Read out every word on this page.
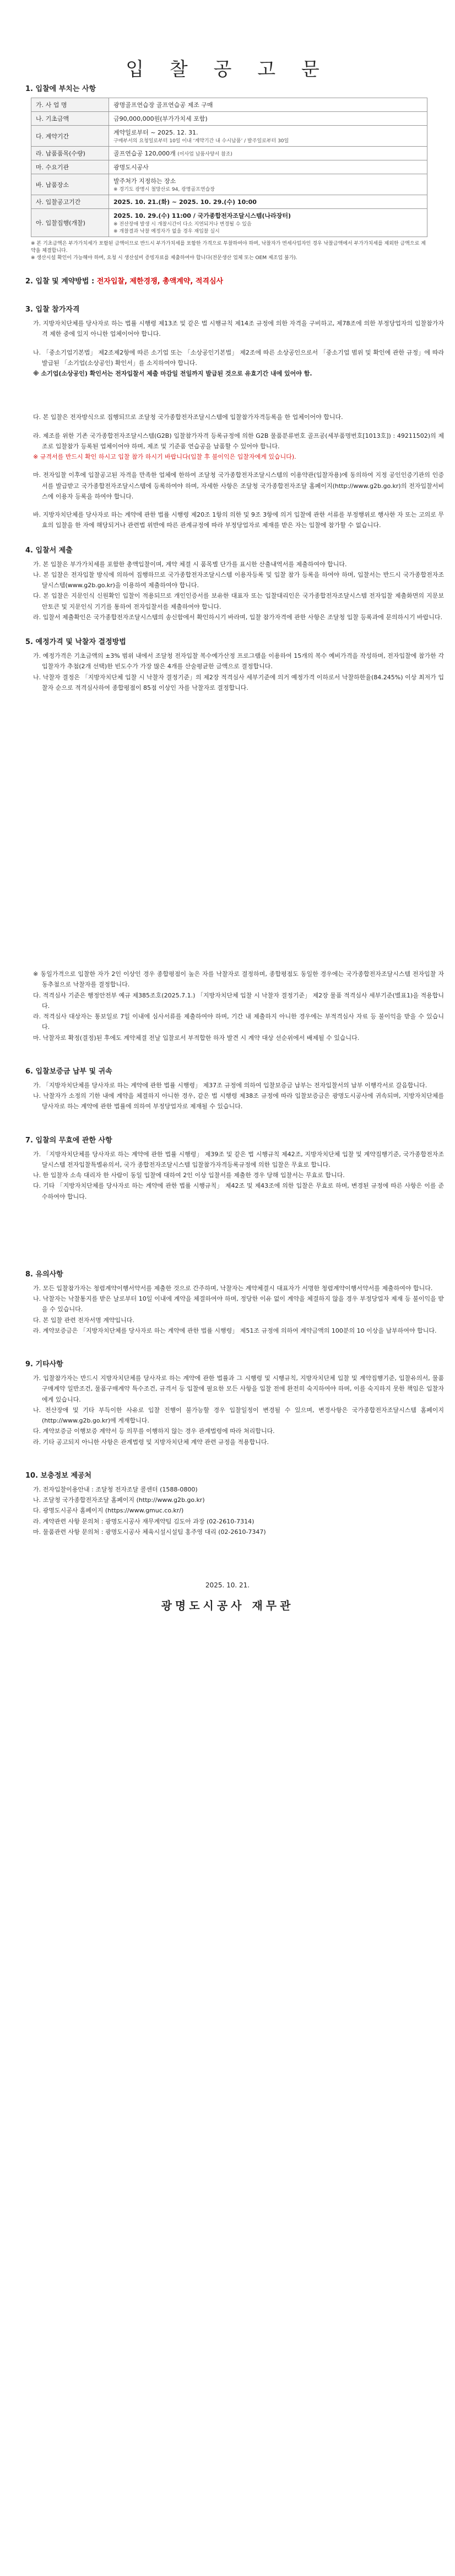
입 찰 공 고 문
1. 입찰에 부치는 사항
가. 사 업 명	광명골프연습장 골프연습공 제조 구매
나. 기초금액	금90,000,000원(부가가치세 포함)
다. 계약기간	계약일로부터 ~ 2025. 12. 31.
구매부서의 요청일로부터 10일 이내 ‘계약기간 내 수시납품’ / 발주일로부터 30일

라. 납품품목(수량)	골프연습공 120,000개 (이사업 납품사양서 참조)
마. 수요기관	광명도시공사
바. 납품장소	발주처가 지정하는 장소
※ 경기도 광명시 철망산로 94, 광명골프연습장

사. 입찰공고기간	2025. 10. 21.(화) ~ 2025. 10. 29.(수) 10:00
아. 입찰집행(개찰)	2025. 10. 29.(수) 11:00 / 국가종합전자조달시스템(나라장터)
※ 전산장애 발생 시 개찰시간이 다소 지연되거나 변경될 수 있음
※ 개찰결과 낙찰 예정자가 없을 경우 재입찰 실시
※ 본 기초금액은 부가가치세가 포함된 금액이므로 반드시 부가가치세를 포함한 가격으로 투찰하여야 하며, 낙찰자가 면세사업자인 경우 낙찰금액에서 부가가치세를 제외한 금액으로 계약을 체결합니다.
※ 생산시설 확인이 가능해야 하며, 요청 시 생산설비 증빙자료를 제출하여야 합니다(전문생산 업체 또는 OEM 제조업 불가).
2. 입찰 및 계약방법 : 전자입찰, 제한경쟁, 총액계약, 적격심사
3. 입찰 참가자격
가. 지방자치단체를 당사자로 하는 법률 시행령 제13조 및 같은 법 시행규칙 제14조 규정에 의한 자격을 구비하고, 제78조에 의한 부정당업자의 입찰참가자격 제한 중에 있지 아니한 업체이어야 합니다.
나. 「중소기업기본법」 제2조제2항에 따른 소기업 또는 「소상공인기본법」 제2조에 따른 소상공인으로서 「중소기업 범위 및 확인에 관한 규정」에 따라 발급된 「소기업(소상공인) 확인서」를 소지하여야 합니다.
※ 소기업(소상공인) 확인서는 전자입찰서 제출 마감일 전일까지 발급된 것으로 유효기간 내에 있어야 함.
다. 본 입찰은 전자방식으로 집행되므로 조달청 국가종합전자조달시스템에 입찰참가자격등록을 한 업체이어야 합니다.
라. 제조를 위한 기존 국가종합전자조달시스템(G2B) 입찰참가자격 등록규정에 의한 G2B 물품분류번호 골프공(세부품명번호[1013호]) : 49211502)의 제조로 입찰참가 등록된 업체이어야 하며, 제조 및 기준품 연습공을 납품할 수 있어야 합니다.
※ 규격서를 반드시 확인 하시고 입찰 참가 하시기 바랍니다(입찰 후 불이익은 입찰자에게 있습니다).
마. 전자입찰 이후에 입찰공고된 자격을 만족한 업체에 한하여 조달청 국가종합전자조달시스템의 이용약관(입찰자용)에 동의하여 지정 공인인증기관의 인증서를 발급받고 국가종합전자조달시스템에 등록하여야 하며, 자세한 사항은 조달청 국가종합전자조달 홈페이지(http://www.g2b.go.kr)의 전자입찰서비스에 이용자 등록을 하여야 합니다.
바. 지방자치단체를 당사자로 하는 계약에 관한 법률 시행령 제20조 1항의 의한 및 9조 3항에 의거 입찰에 관한 서류를 부정행위로 행사한 자 또는 고의로 무효의 입찰을 한 자에 해당되거나 관련법 위반에 따른 관계규정에 따라 부정당업자로 제재를 받은 자는 입찰에 참가할 수 없습니다.
4. 입찰서 제출
가. 본 입찰은 부가가치세를 포함한 총액입찰이며, 계약 체결 시 품목별 단가를 표시한 산출내역서를 제출하여야 합니다.
나. 본 입찰은 전자입찰 방식에 의하여 집행하므로 국가종합전자조달시스템 이용자등록 및 입찰 참가 등록을 하여야 하며, 입찰서는 반드시 국가종합전자조달시스템(www.g2b.go.kr)을 이용하여 제출하여야 합니다.
다. 본 입찰은 지문인식 신원확인 입찰이 적용되므로 개인인증서를 보유한 대표자 또는 입찰대리인은 국가종합전자조달시스템 전자입찰 제출화면의 지문보안토큰 및 지문인식 기기를 통하여 전자입찰서를 제출하여야 합니다.
라. 입찰서 제출확인은 국가종합전자조달시스템의 송신함에서 확인하시기 바라며, 입찰 참가자격에 관한 사항은 조달청 입찰 등록과에 문의하시기 바랍니다.
5. 예정가격 및 낙찰자 결정방법
가. 예정가격은 기초금액의 ±3% 범위 내에서 조달청 전자입찰 복수예가산정 프로그램을 이용하여 15개의 복수 예비가격을 작성하며, 전자입찰에 참가한 각 입찰자가 추첨(2개 선택)한 빈도수가 가장 많은 4개를 산술평균한 금액으로 결정합니다.
나. 낙찰자 결정은 「지방자치단체 입찰 시 낙찰자 결정기준」의 제2장 적격심사 세부기준에 의거 예정가격 이하로서 낙찰하한율(84.245%) 이상 최저가 입찰자 순으로 적격심사하여 종합평점이 85점 이상인 자를 낙찰자로 결정합니다.
※ 동일가격으로 입찰한 자가 2인 이상인 경우 종합평점이 높은 자를 낙찰자로 결정하며, 종합평점도 동일한 경우에는 국가종합전자조달시스템 전자입찰 자동추첨으로 낙찰자를 결정합니다.
다. 적격심사 기준은 행정안전부 예규 제385조호(2025.7.1.) 「지방자치단체 입찰 시 낙찰자 결정기준」 제2장 물품 적격심사 세부기준(별표1)을 적용합니다.
라. 적격심사 대상자는 통보일로 7일 이내에 심사서류를 제출하여야 하며, 기간 내 제출하지 아니한 경우에는 부적격심사 자료 등 불이익을 받을 수 있습니다.
마. 낙찰자로 확정(결정)된 후에도 계약체결 전날 입찰로서 부적합한 하자 발견 시 계약 대상 선순위에서 배제될 수 있습니다.
6. 입찰보증금 납부 및 귀속
가. 「지방자치단체를 당사자로 하는 계약에 관한 법률 시행령」 제37조 규정에 의하여 입찰보증금 납부는 전자입찰서의 납부 이행각서로 갈음합니다.
나. 낙찰자가 소정의 기한 내에 계약을 체결하지 아니한 경우, 같은 법 시행령 제38조 규정에 따라 입찰보증금은 광명도시공사에 귀속되며, 지방자치단체를 당사자로 하는 계약에 관한 법률에 의하여 부정당업자로 제재될 수 있습니다.
7. 입찰의 무효에 관한 사항
가. 「지방자치단체를 당사자로 하는 계약에 관한 법률 시행령」 제39조 및 같은 법 시행규칙 제42조, 지방자치단체 입찰 및 계약집행기준, 국가종합전자조달시스템 전자입찰특별유의서, 국가 종합전자조달시스템 입찰참가자격등록규정에 의한 입찰은 무효로 합니다.
나. 한 입찰자 소속 대리자 한 사람이 동일 입찰에 대하여 2인 이상 입찰서를 제출한 경우 당해 입찰서는 무효로 합니다.
다. 기타 「지방자치단체를 당사자로 하는 계약에 관한 법률 시행규칙」 제42조 및 제43조에 의한 입찰은 무효로 하며, 변경된 규정에 따른 사항은 이를 준수하여야 합니다.
8. 유의사항
가. 모든 입찰참가자는 청렴계약이행서약서를 제출한 것으로 간주하며, 낙찰자는 계약체결시 대표자가 서명한 청렴계약이행서약서를 제출하여야 합니다.
나. 낙찰자는 낙찰통지를 받은 날로부터 10일 이내에 계약을 체결하여야 하며, 정당한 이유 없이 계약을 체결하지 않을 경우 부정당업자 제재 등 불이익을 받을 수 있습니다.
다. 본 입찰 관련 전자서명 계약입니다.
라. 계약보증금은 「지방자치단체를 당사자로 하는 계약에 관한 법률 시행령」 제51조 규정에 의하여 계약금액의 100분의 10 이상을 납부하여야 합니다.
9. 기타사항
가. 입찰참가자는 반드시 지방자치단체를 당사자로 하는 계약에 관한 법률과 그 시행령 및 시행규칙, 지방자치단체 입찰 및 계약집행기준, 입찰유의서, 물품구매계약 일반조건, 물품구매계약 특수조건, 규격서 등 입찰에 필요한 모든 사항을 입찰 전에 완전히 숙지하여야 하며, 이를 숙지하지 못한 책임은 입찰자에게 있습니다.
나. 전산장애 및 기타 부득이한 사유로 입찰 진행이 불가능할 경우 입찰일정이 변경될 수 있으며, 변경사항은 국가종합전자조달시스템 홈페이지(http://www.g2b.go.kr)에 게재합니다.
다. 계약보증금 이행보증 계약서 등 의무를 이행하지 않는 경우 관계법령에 따라 처리합니다.
라. 기타 공고되지 아니한 사항은 관계법령 및 지방자치단체 계약 관련 규정을 적용합니다.
10. 보충정보 제공처
가. 전자입찰이용안내 : 조달청 전자조달 콜센터 (1588-0800)
나. 조달청 국가종합전자조달 홈페이지 (http://www.g2b.go.kr)
다. 광명도시공사 홈페이지 (https://www.gmuc.co.kr/)
라. 계약관련 사항 문의처 : 광명도시공사 재무계약팀 김도아 과장 (02-2610-7314)
마. 물품관련 사항 문의처 : 광명도시공사 체육시설시설팀 홍주영 대리 (02-2610-7347)
2025. 10. 21.
광명도시공사 재무관
